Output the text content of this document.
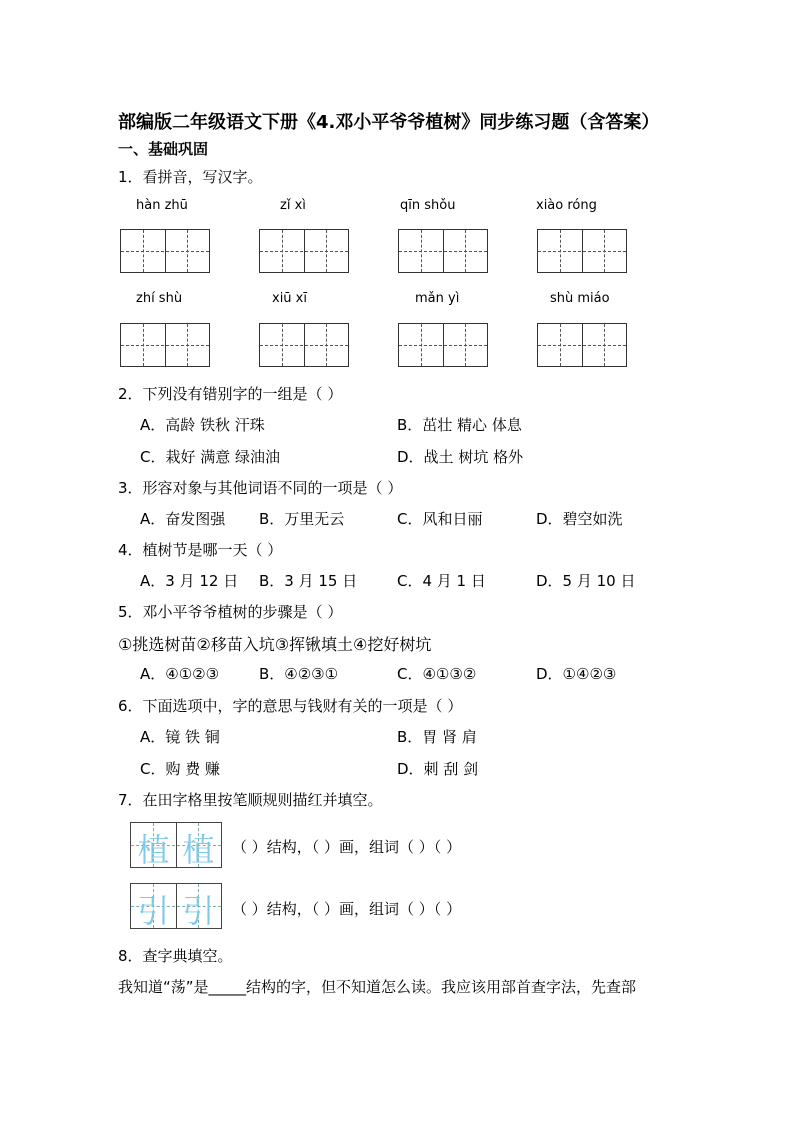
部编版二年级语文下册《4.邓小平爷爷植树》同步练习题（含答案）
一、基础巩固
1．看拼音，写汉字。
hàn zhū	zǐ xì	qīn shǒu	xiào róng
zhí shù	xiū xī	mǎn yì	shù miáo
2．下列没有错别字的一组是（ ）
A．高龄 铁秋 汗珠	B．茁壮 精心 体息
C．栽好 满意 绿油油	D．战土 树坑 格外
3．形容对象与其他词语不同的一项是（ ）
A．奋发图强 B．万里无云	C．风和日丽	D．碧空如洗
4．植树节是哪一天（ ）
A．3 月 12 日 B．3 月 15 日	C．4 月 1 日	D．5 月 10 日
5．邓小平爷爷植树的步骤是（ ）
①挑选树苗②移苗入坑③挥锹填土④挖好树坑
A．④①②③	B．④②③①	C．④①③②	D．①④②③
6．下面选项中，字的意思与钱财有关的一项是（ ）
A．镜 铁 铜	B．胃 肾 肩
C．购 费 赚	D．刺 刮 剑
7．在田字格里按笔顺规则描红并填空。
植 植	（ ）结构，（ ）画，组词（ ）（ ）
引 引	（ ）结构，（ ）画，组词（ ）（ ）
8．查字典填空。
我知道“荡”是_____结构的字，但不知道怎么读。我应该用部首查字法，先查部
